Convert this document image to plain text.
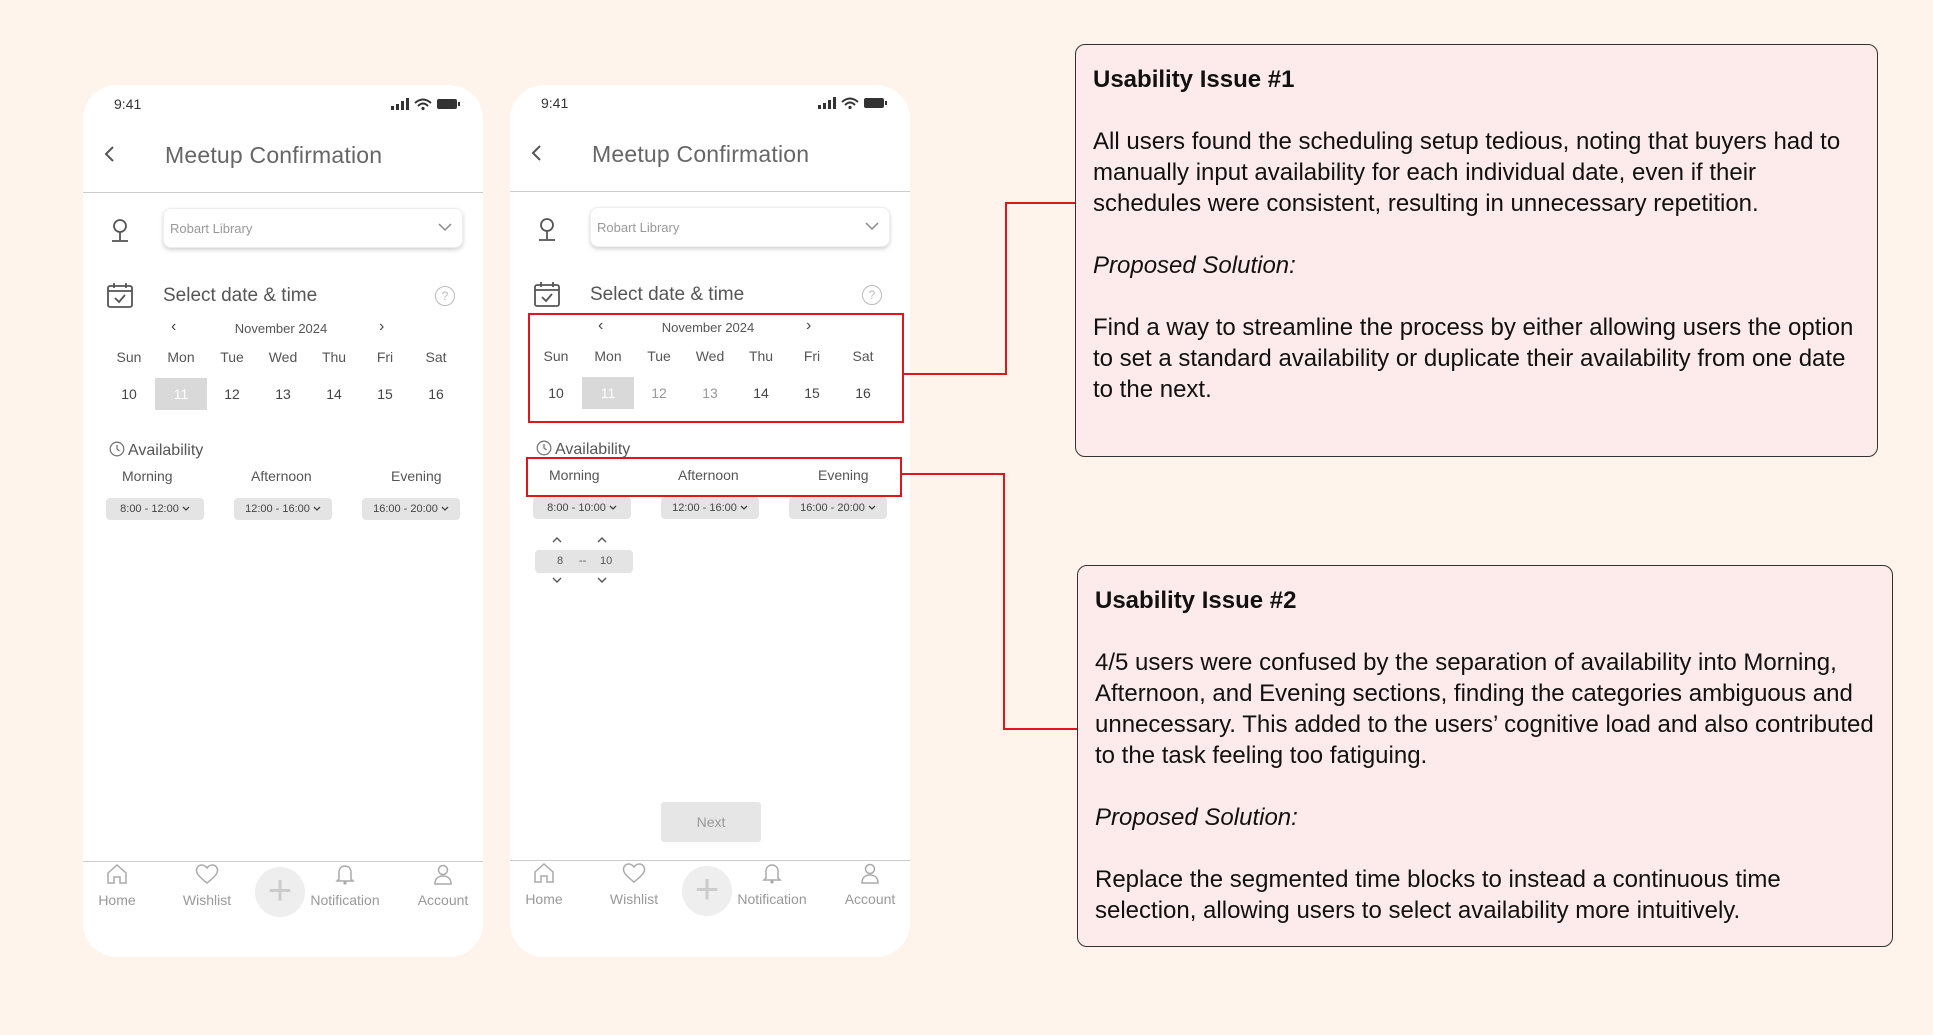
9:41
Meetup Confirmation
Robart Library
Select date & time	?
‹	November 2024	›
Sun	Mon	Tue	Wed	Thu	Fri	Sat
10	11	12	13	14	15	16
Availability
Morning	Afternoon	Evening
8:00 - 12:00	12:00 - 16:00	16:00 - 20:00
+
Home	Wishlist	Notification	Account
9:41
Meetup Confirmation
Robart Library
Select date & time	?
‹	November 2024	›
Sun	Mon	Tue	Wed	Thu	Fri	Sat
10	11	12	13	14	15	16
Availability
Morning	Afternoon	Evening
8:00 - 10:00	12:00 - 16:00	16:00 - 20:00
8 -- 10
Next
+
Home	Wishlist	Notification	Account
Usability Issue #1

All users found the scheduling setup tedious, noting that buyers had to manually input availability for each individual date, even if their schedules were consistent, resulting in unnecessary repetition.

Proposed Solution:

Find a way to streamline the process by either allowing users the option to set a standard availability or duplicate their availability from one date to the next.

Usability Issue #2

4/5 users were confused by the separation of availability into Morning, Afternoon, and Evening sections, finding the categories ambiguous and unnecessary. This added to the users’ cognitive load and also contributed to the task feeling too fatiguing.

Proposed Solution:

Replace the segmented time blocks to instead a continuous time selection, allowing users to select availability more intuitively.
